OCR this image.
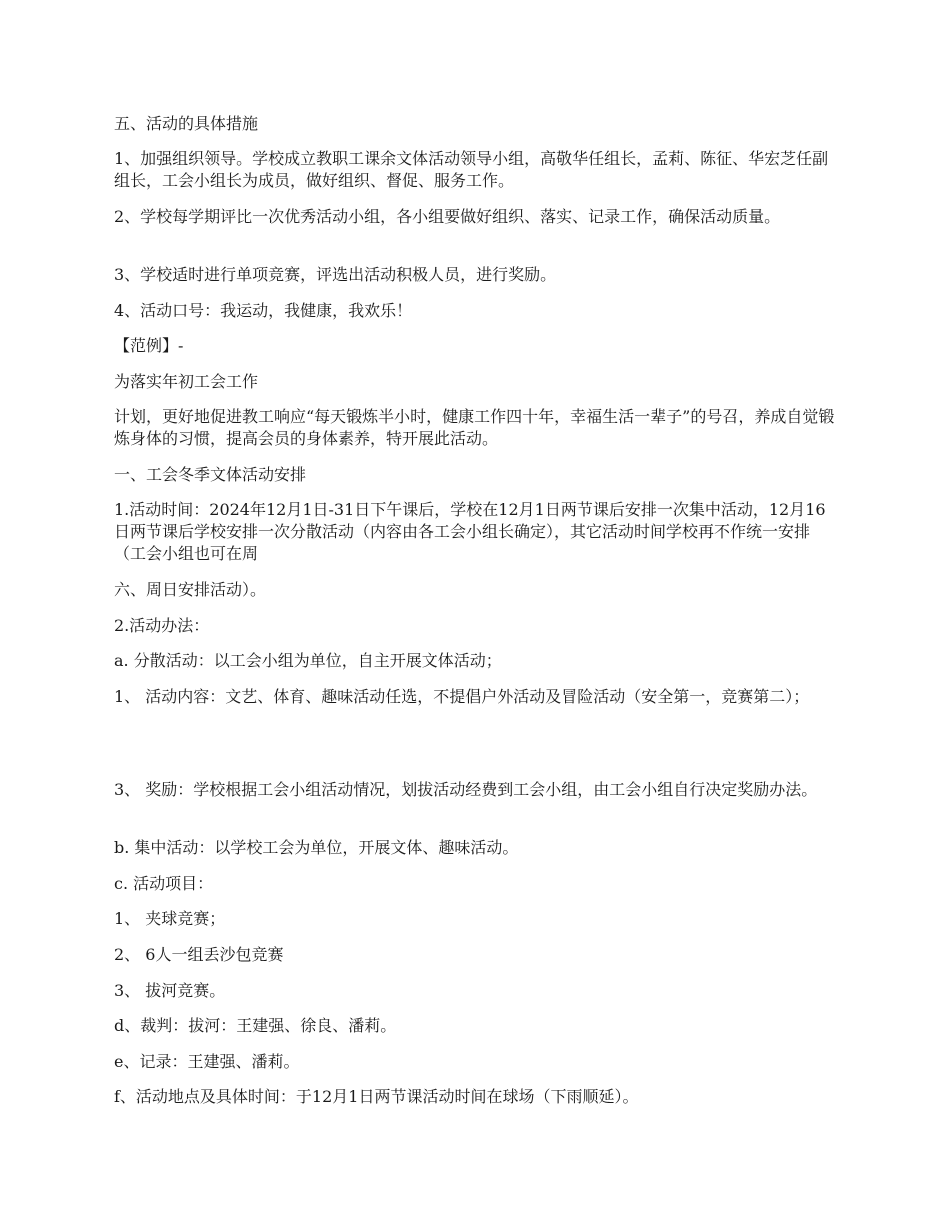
五、活动的具体措施

1、加强组织领导。学校成立教职工课余文体活动领导小组，高敬华任组长，孟莉、陈征、华宏芝任副组长，工会小组长为成员，做好组织、督促、服务工作。

2、学校每学期评比一次优秀活动小组，各小组要做好组织、落实、记录工作，确保活动质量。

3、学校适时进行单项竞赛，评选出活动积极人员，进行奖励。

4、活动口号：我运动，我健康，我欢乐！

【范例】-

为落实年初工会工作

计划，更好地促进教工响应“每天锻炼半小时，健康工作四十年，幸福生活一辈子”的号召，养成自觉锻炼身体的习惯，提高会员的身体素养，特开展此活动。

一、工会冬季文体活动安排

1.活动时间：2024年12月1日-31日下午课后，学校在12月1日两节课后安排一次集中活动，12月16日两节课后学校安排一次分散活动（内容由各工会小组长确定），其它活动时间学校再不作统一安排（工会小组也可在周

六、周日安排活动）。

2.活动办法：

a. 分散活动：以工会小组为单位，自主开展文体活动；

1、 活动内容：文艺、体育、趣味活动任选，不提倡户外活动及冒险活动（安全第一，竞赛第二）；

3、 奖励：学校根据工会小组活动情况，划拔活动经费到工会小组，由工会小组自行决定奖励办法。

b. 集中活动：以学校工会为单位，开展文体、趣味活动。

c. 活动项目：

1、 夹球竞赛；

2、 6人一组丢沙包竞赛

3、 拔河竞赛。

d、裁判：拔河：王建强、徐良、潘莉。

e、记录：王建强、潘莉。

f、活动地点及具体时间：于12月1日两节课活动时间在球场（下雨顺延）。
